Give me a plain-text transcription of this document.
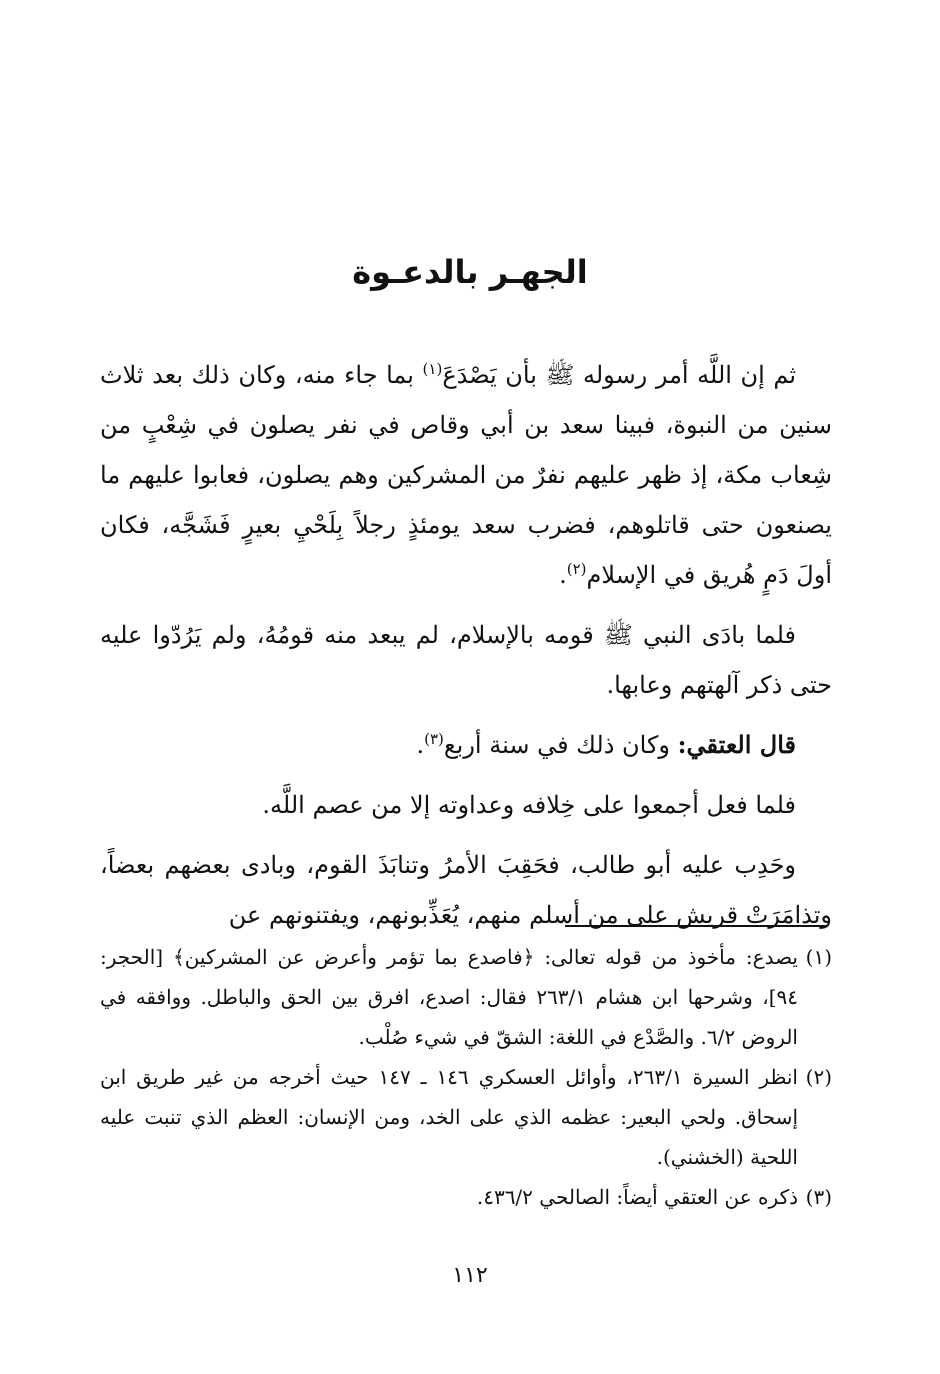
الجهـر بالدعـوة

ثم إن اللَّه أمر رسوله ﷺ بأن يَصْدَعَ$^{(١)}$ بما جاء منه، وكان ذلك بعد ثلاث سنين من النبوة، فبينا سعد بن أبي وقاص في نفر يصلون في شِعْبٍ من شِعاب مكة، إذ ظهر عليهم نفرٌ من المشركين وهم يصلون، فعابوا عليهم ما يصنعون حتى قاتلوهم، فضرب سعد يومئذٍ رجلاً بِلَحْيِ بعيرٍ فَشَجَّه، فكان أولَ دَمٍ هُريق في الإسلام$^{(٢)}$.

فلما بادَى النبي ﷺ قومه بالإسلام، لم يبعد منه قومُهُ، ولم يَرُدّوا عليه حتى ذكر آلهتهم وعابها.

قال العتقي: وكان ذلك في سنة أربع$^{(٣)}$.

فلما فعل أجمعوا على خِلافه وعداوته إلا من عصم اللَّه.

وحَدِب عليه أبو طالب، فحَقِبَ الأمرُ وتنابَذَ القوم، وبادى بعضهم بعضاً، وتذامَرَتْ قريش على من أسلم منهم، يُعَذِّبونهم، ويفتنونهم عن

(١)
يصدع: مأخوذ من قوله تعالى: ﴿فاصدع بما تؤمر وأعرض عن المشركين﴾ [الحجر: ٩٤]، وشرحها ابن هشام ٢٦٣/١ فقال: اصدع، افرق بين الحق والباطل. ووافقه في الروض ٦/٢. والصَّدْع في اللغة: الشقّ في شيء صُلْب.

(٢)
انظر السيرة ٢٦٣/١، وأوائل العسكري ١٤٦ ـ ١٤٧ حيث أخرجه من غير طريق ابن إسحاق. ولحي البعير: عظمه الذي على الخد، ومن الإنسان: العظم الذي تنبت عليه اللحية (الخشني).

(٣)
ذكره عن العتقي أيضاً: الصالحي ٤٣٦/٢.

١١٢
